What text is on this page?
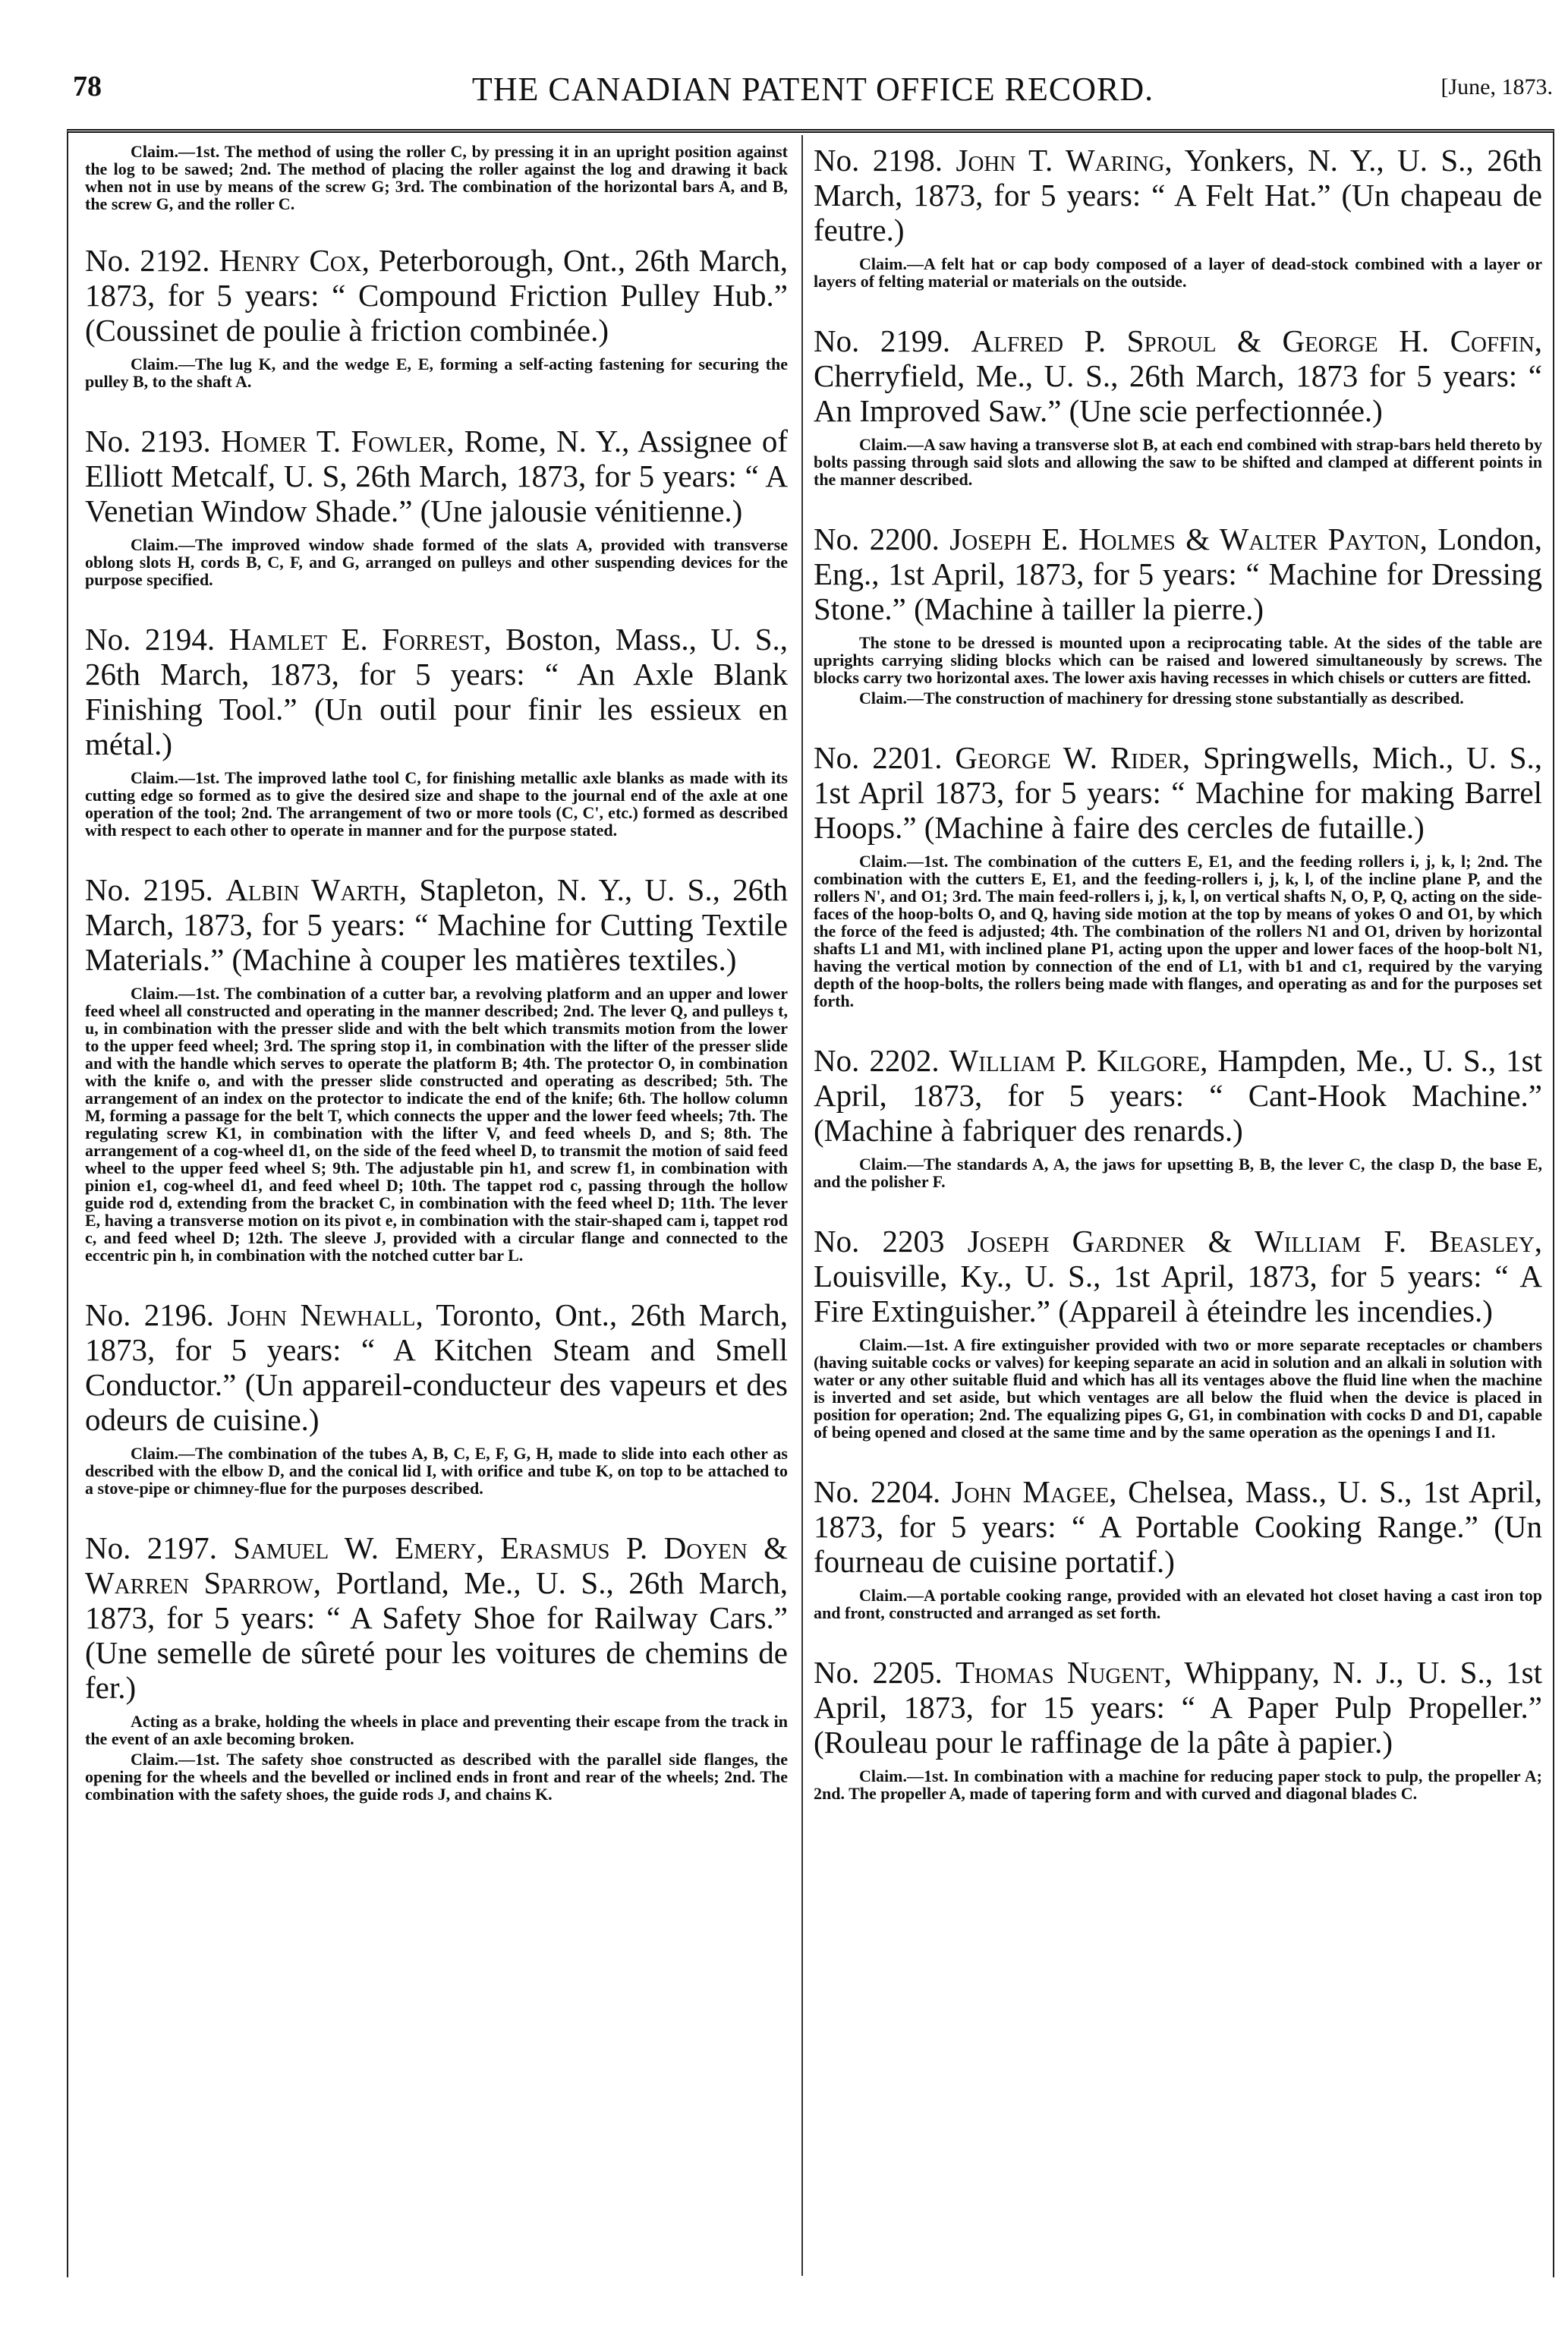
78	THE CANADIAN PATENT OFFICE RECORD.	[June, 1873.

Claim.—1st. The method of using the roller C, by pressing it in an upright position against the log to be sawed; 2nd. The method of placing the roller against the log and drawing it back when not in use by means of the screw G; 3rd. The combination of the horizontal bars A, and B, the screw G, and the roller C.

No. 2192. Henry Cox, Peterborough, Ont., 26th March, 1873, for 5 years: “ Compound Friction Pulley Hub.” (Coussinet de poulie à friction combinée.)

Claim.—The lug K, and the wedge E, E, forming a self-acting fastening for securing the pulley B, to the shaft A.

No. 2193. Homer T. Fowler, Rome, N. Y., Assignee of Elliott Metcalf, U. S, 26th March, 1873, for 5 years: “ A Venetian Window Shade.” (Une jalousie vénitienne.)

Claim.—The improved window shade formed of the slats A, provided with transverse oblong slots H, cords B, C, F, and G, arranged on pulleys and other suspending devices for the purpose specified.

No. 2194. Hamlet E. Forrest, Boston, Mass., U. S., 26th March, 1873, for 5 years: “ An Axle Blank Finishing Tool.” (Un outil pour finir les essieux en métal.)

Claim.—1st. The improved lathe tool C, for finishing metallic axle blanks as made with its cutting edge so formed as to give the desired size and shape to the journal end of the axle at one operation of the tool; 2nd. The arrangement of two or more tools (C, C', etc.) formed as described with respect to each other to operate in manner and for the purpose stated.

No. 2195. Albin Warth, Stapleton, N. Y., U. S., 26th March, 1873, for 5 years: “ Machine for Cutting Textile Materials.” (Machine à couper les matières textiles.)

Claim.—1st. The combination of a cutter bar, a revolving platform and an upper and lower feed wheel all constructed and operating in the manner described; 2nd. The lever Q, and pulleys t, u, in combination with the presser slide and with the belt which transmits motion from the lower to the upper feed wheel; 3rd. The spring stop i1, in combination with the lifter of the presser slide and with the handle which serves to operate the platform B; 4th. The protector O, in combination with the knife o, and with the presser slide constructed and operating as described; 5th. The arrangement of an index on the protector to indicate the end of the knife; 6th. The hollow column M, forming a passage for the belt T, which connects the upper and the lower feed wheels; 7th. The regulating screw K1, in combination with the lifter V, and feed wheels D, and S; 8th. The arrangement of a cog-wheel d1, on the side of the feed wheel D, to transmit the motion of said feed wheel to the upper feed wheel S; 9th. The adjustable pin h1, and screw f1, in combination with pinion e1, cog-wheel d1, and feed wheel D; 10th. The tappet rod c, passing through the hollow guide rod d, extending from the bracket C, in combination with the feed wheel D; 11th. The lever E, having a transverse motion on its pivot e, in combination with the stair-shaped cam i, tappet rod c, and feed wheel D; 12th. The sleeve J, provided with a circular flange and connected to the eccentric pin h, in combination with the notched cutter bar L.

No. 2196. John Newhall, Toronto, Ont., 26th March, 1873, for 5 years: “ A Kitchen Steam and Smell Conductor.” (Un appareil-conducteur des vapeurs et des odeurs de cuisine.)

Claim.—The combination of the tubes A, B, C, E, F, G, H, made to slide into each other as described with the elbow D, and the conical lid I, with orifice and tube K, on top to be attached to a stove-pipe or chimney-flue for the purposes described.

No. 2197. Samuel W. Emery, Erasmus P. Doyen & Warren Sparrow, Portland, Me., U. S., 26th March, 1873, for 5 years: “ A Safety Shoe for Railway Cars.” (Une semelle de sûreté pour les voitures de chemins de fer.)

Acting as a brake, holding the wheels in place and preventing their escape from the track in the event of an axle becoming broken.

Claim.—1st. The safety shoe constructed as described with the parallel side flanges, the opening for the wheels and the bevelled or inclined ends in front and rear of the wheels; 2nd. The combination with the safety shoes, the guide rods J, and chains K.

No. 2198. John T. Waring, Yonkers, N. Y., U. S., 26th March, 1873, for 5 years: “ A Felt Hat.” (Un chapeau de feutre.)

Claim.—A felt hat or cap body composed of a layer of dead-stock combined with a layer or layers of felting material or materials on the outside.

No. 2199. Alfred P. Sproul & George H. Coffin, Cherryfield, Me., U. S., 26th March, 1873 for 5 years: “ An Improved Saw.” (Une scie perfectionnée.)

Claim.—A saw having a transverse slot B, at each end combined with strap-bars held thereto by bolts passing through said slots and allowing the saw to be shifted and clamped at different points in the manner described.

No. 2200. Joseph E. Holmes & Walter Payton, London, Eng., 1st April, 1873, for 5 years: “ Machine for Dressing Stone.” (Machine à tailler la pierre.)

The stone to be dressed is mounted upon a reciprocating table. At the sides of the table are uprights carrying sliding blocks which can be raised and lowered simultaneously by screws. The blocks carry two horizontal axes. The lower axis having recesses in which chisels or cutters are fitted.

Claim.—The construction of machinery for dressing stone substantially as described.

No. 2201. George W. Rider, Springwells, Mich., U. S., 1st April 1873, for 5 years: “ Machine for making Barrel Hoops.” (Machine à faire des cercles de futaille.)

Claim.—1st. The combination of the cutters E, E1, and the feeding rollers i, j, k, l; 2nd. The combination with the cutters E, E1, and the feeding-rollers i, j, k, l, of the incline plane P, and the rollers N', and O1; 3rd. The main feed-rollers i, j, k, l, on vertical shafts N, O, P, Q, acting on the side-faces of the hoop-bolts O, and Q, having side motion at the top by means of yokes O and O1, by which the force of the feed is adjusted; 4th. The combination of the rollers N1 and O1, driven by horizontal shafts L1 and M1, with inclined plane P1, acting upon the upper and lower faces of the hoop-bolt N1, having the vertical motion by connection of the end of L1, with b1 and c1, required by the varying depth of the hoop-bolts, the rollers being made with flanges, and operating as and for the purposes set forth.

No. 2202. William P. Kilgore, Hampden, Me., U. S., 1st April, 1873, for 5 years: “ Cant-Hook Machine.” (Machine à fabriquer des renards.)

Claim.—The standards A, A, the jaws for upsetting B, B, the lever C, the clasp D, the base E, and the polisher F.

No. 2203 Joseph Gardner & William F. Beasley, Louisville, Ky., U. S., 1st April, 1873, for 5 years: “ A Fire Extinguisher.” (Appareil à éteindre les incendies.)

Claim.—1st. A fire extinguisher provided with two or more separate receptacles or chambers (having suitable cocks or valves) for keeping separate an acid in solution and an alkali in solution with water or any other suitable fluid and which has all its ventages above the fluid line when the machine is inverted and set aside, but which ventages are all below the fluid when the device is placed in position for operation; 2nd. The equalizing pipes G, G1, in combination with cocks D and D1, capable of being opened and closed at the same time and by the same operation as the openings I and I1.

No. 2204. John Magee, Chelsea, Mass., U. S., 1st April, 1873, for 5 years: “ A Portable Cooking Range.” (Un fourneau de cuisine portatif.)

Claim.—A portable cooking range, provided with an elevated hot closet having a cast iron top and front, constructed and arranged as set forth.

No. 2205. Thomas Nugent, Whippany, N. J., U. S., 1st April, 1873, for 15 years: “ A Paper Pulp Propeller.” (Rouleau pour le raffinage de la pâte à papier.)

Claim.—1st. In combination with a machine for reducing paper stock to pulp, the propeller A; 2nd. The propeller A, made of tapering form and with curved and diagonal blades C.
